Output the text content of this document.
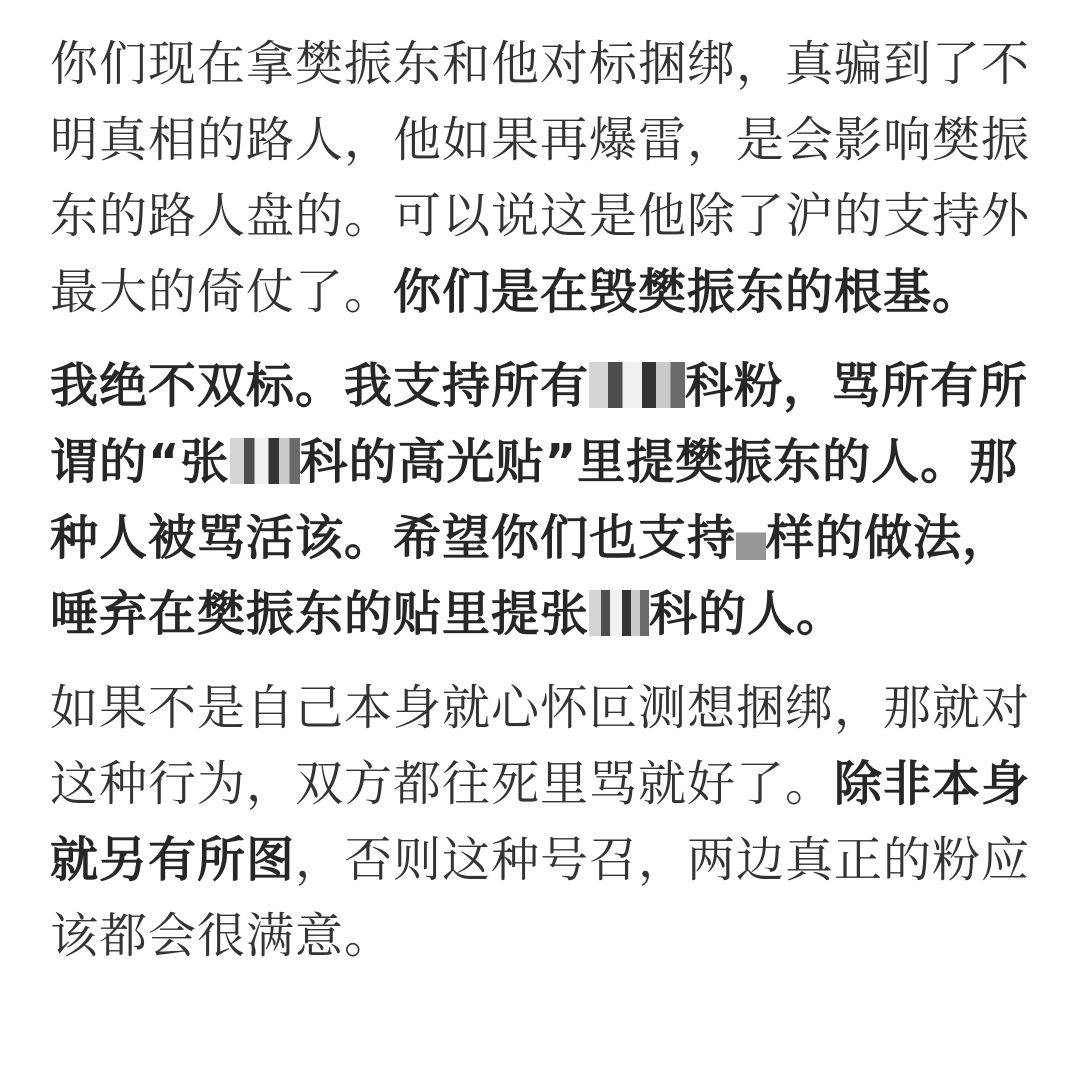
你们现在拿樊振东和他对标捆绑，真骗到了不明真相的路人，他如果再爆雷，是会影响樊振东的路人盘的。可以说这是他除了沪的支持外最大的倚仗了。你们是在毁樊振东的根基。

我绝不双标。我支持所有 科粉，骂所有所谓的“张 科的高光贴”里提樊振东的人。那种人被骂活该。希望你们也支持 样的做法，唾弃在樊振东的贴里提张 科的人。

如果不是自己本身就心怀叵测想捆绑，那就对这种行为，双方都往死里骂就好了。除非本身就另有所图，否则这种号召，两边真正的粉应该都会很满意。
